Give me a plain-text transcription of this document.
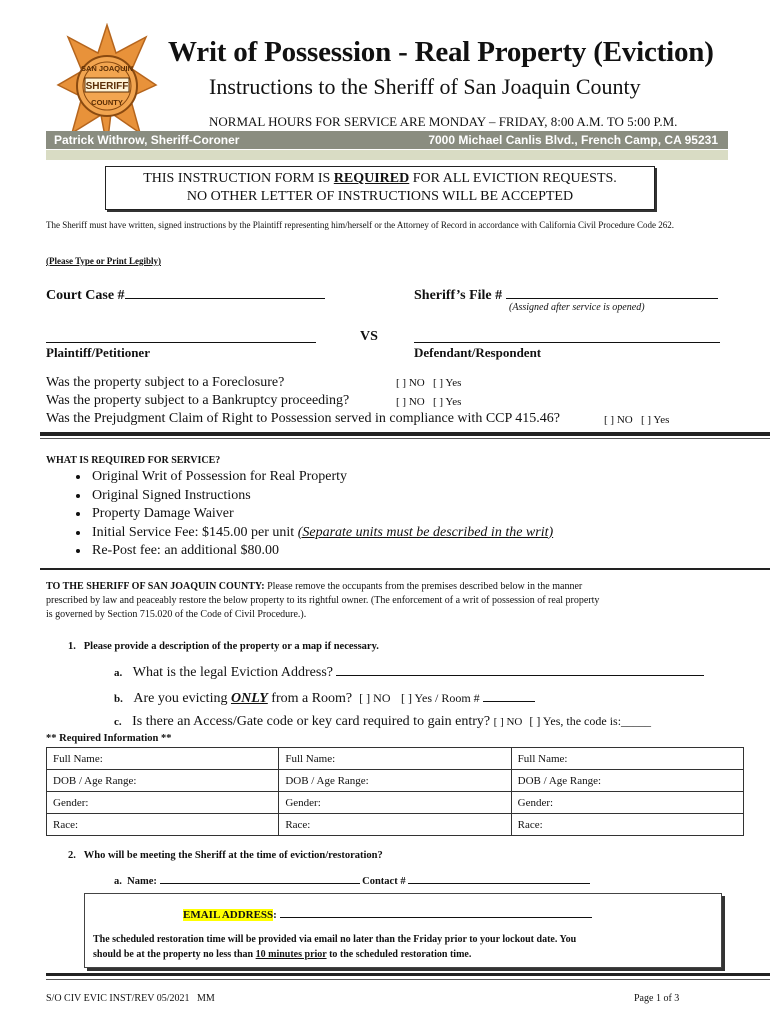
SAN JOAQUIN
SHERIFF
COUNTY
Writ of Possession - Real Property (Eviction)
Instructions to the Sheriff of San Joaquin County
NORMAL HOURS FOR SERVICE ARE MONDAY – FRIDAY, 8:00 A.M. TO 5:00 P.M.
Patrick Withrow, Sheriff-Coroner	7000 Michael Canlis Blvd., French Camp, CA 95231
THIS INSTRUCTION FORM IS REQUIRED FOR ALL EVICTION REQUESTS.
NO OTHER LETTER OF INSTRUCTIONS WILL BE ACCEPTED
The Sheriff must have written, signed instructions by the Plaintiff representing him/herself or the Attorney of Record in accordance with California Civil Procedure Code 262.
(Please Type or Print Legibly)
Court Case #	Sheriff’s File #
(Assigned after service is opened)
VS
Plaintiff/Petitioner	Defendant/Respondent
Was the property subject to a Foreclosure?	[ ] NO [ ] Yes
Was the property subject to a Bankruptcy proceeding?	[ ] NO [ ] Yes
Was the Prejudgment Claim of Right to Possession served in compliance with CCP 415.46?	[ ] NO [ ] Yes
WHAT IS REQUIRED FOR SERVICE?
• Original Writ of Possession for Real Property
• Original Signed Instructions
• Property Damage Waiver
• Initial Service Fee: $145.00 per unit (Separate units must be described in the writ)
• Re-Post fee: an additional $80.00
TO THE SHERIFF OF SAN JOAQUIN COUNTY: Please remove the occupants from the premises described below in the manner
prescribed by law and peaceably restore the below property to its rightful owner. (The enforcement of a writ of possession of real property
is governed by Section 715.020 of the Code of Civil Procedure.).
1. Please provide a description of the property or a map if necessary.
a. What is the legal Eviction Address?
b. Are you evicting ONLY from a Room? [ ] NO [ ] Yes / Room #
c. Is there an Access/Gate code or key card required to gain entry? [ ] NO [ ] Yes, the code is:_____
** Required Information **
Full Name:	Full Name:	Full Name:
DOB / Age Range:	DOB / Age Range:	DOB / Age Range:
Gender:	Gender:	Gender:
Race:	Race:	Race:
2. Who will be meeting the Sheriff at the time of eviction/restoration?
a. Name:	Contact #
EMAIL ADDRESS:
The scheduled restoration time will be provided via email no later than the Friday prior to your lockout date. You
should be at the property no less than 10 minutes prior to the scheduled restoration time.
S/O CIV EVIC INST/REV 05/2021   MM	Page 1 of 3
